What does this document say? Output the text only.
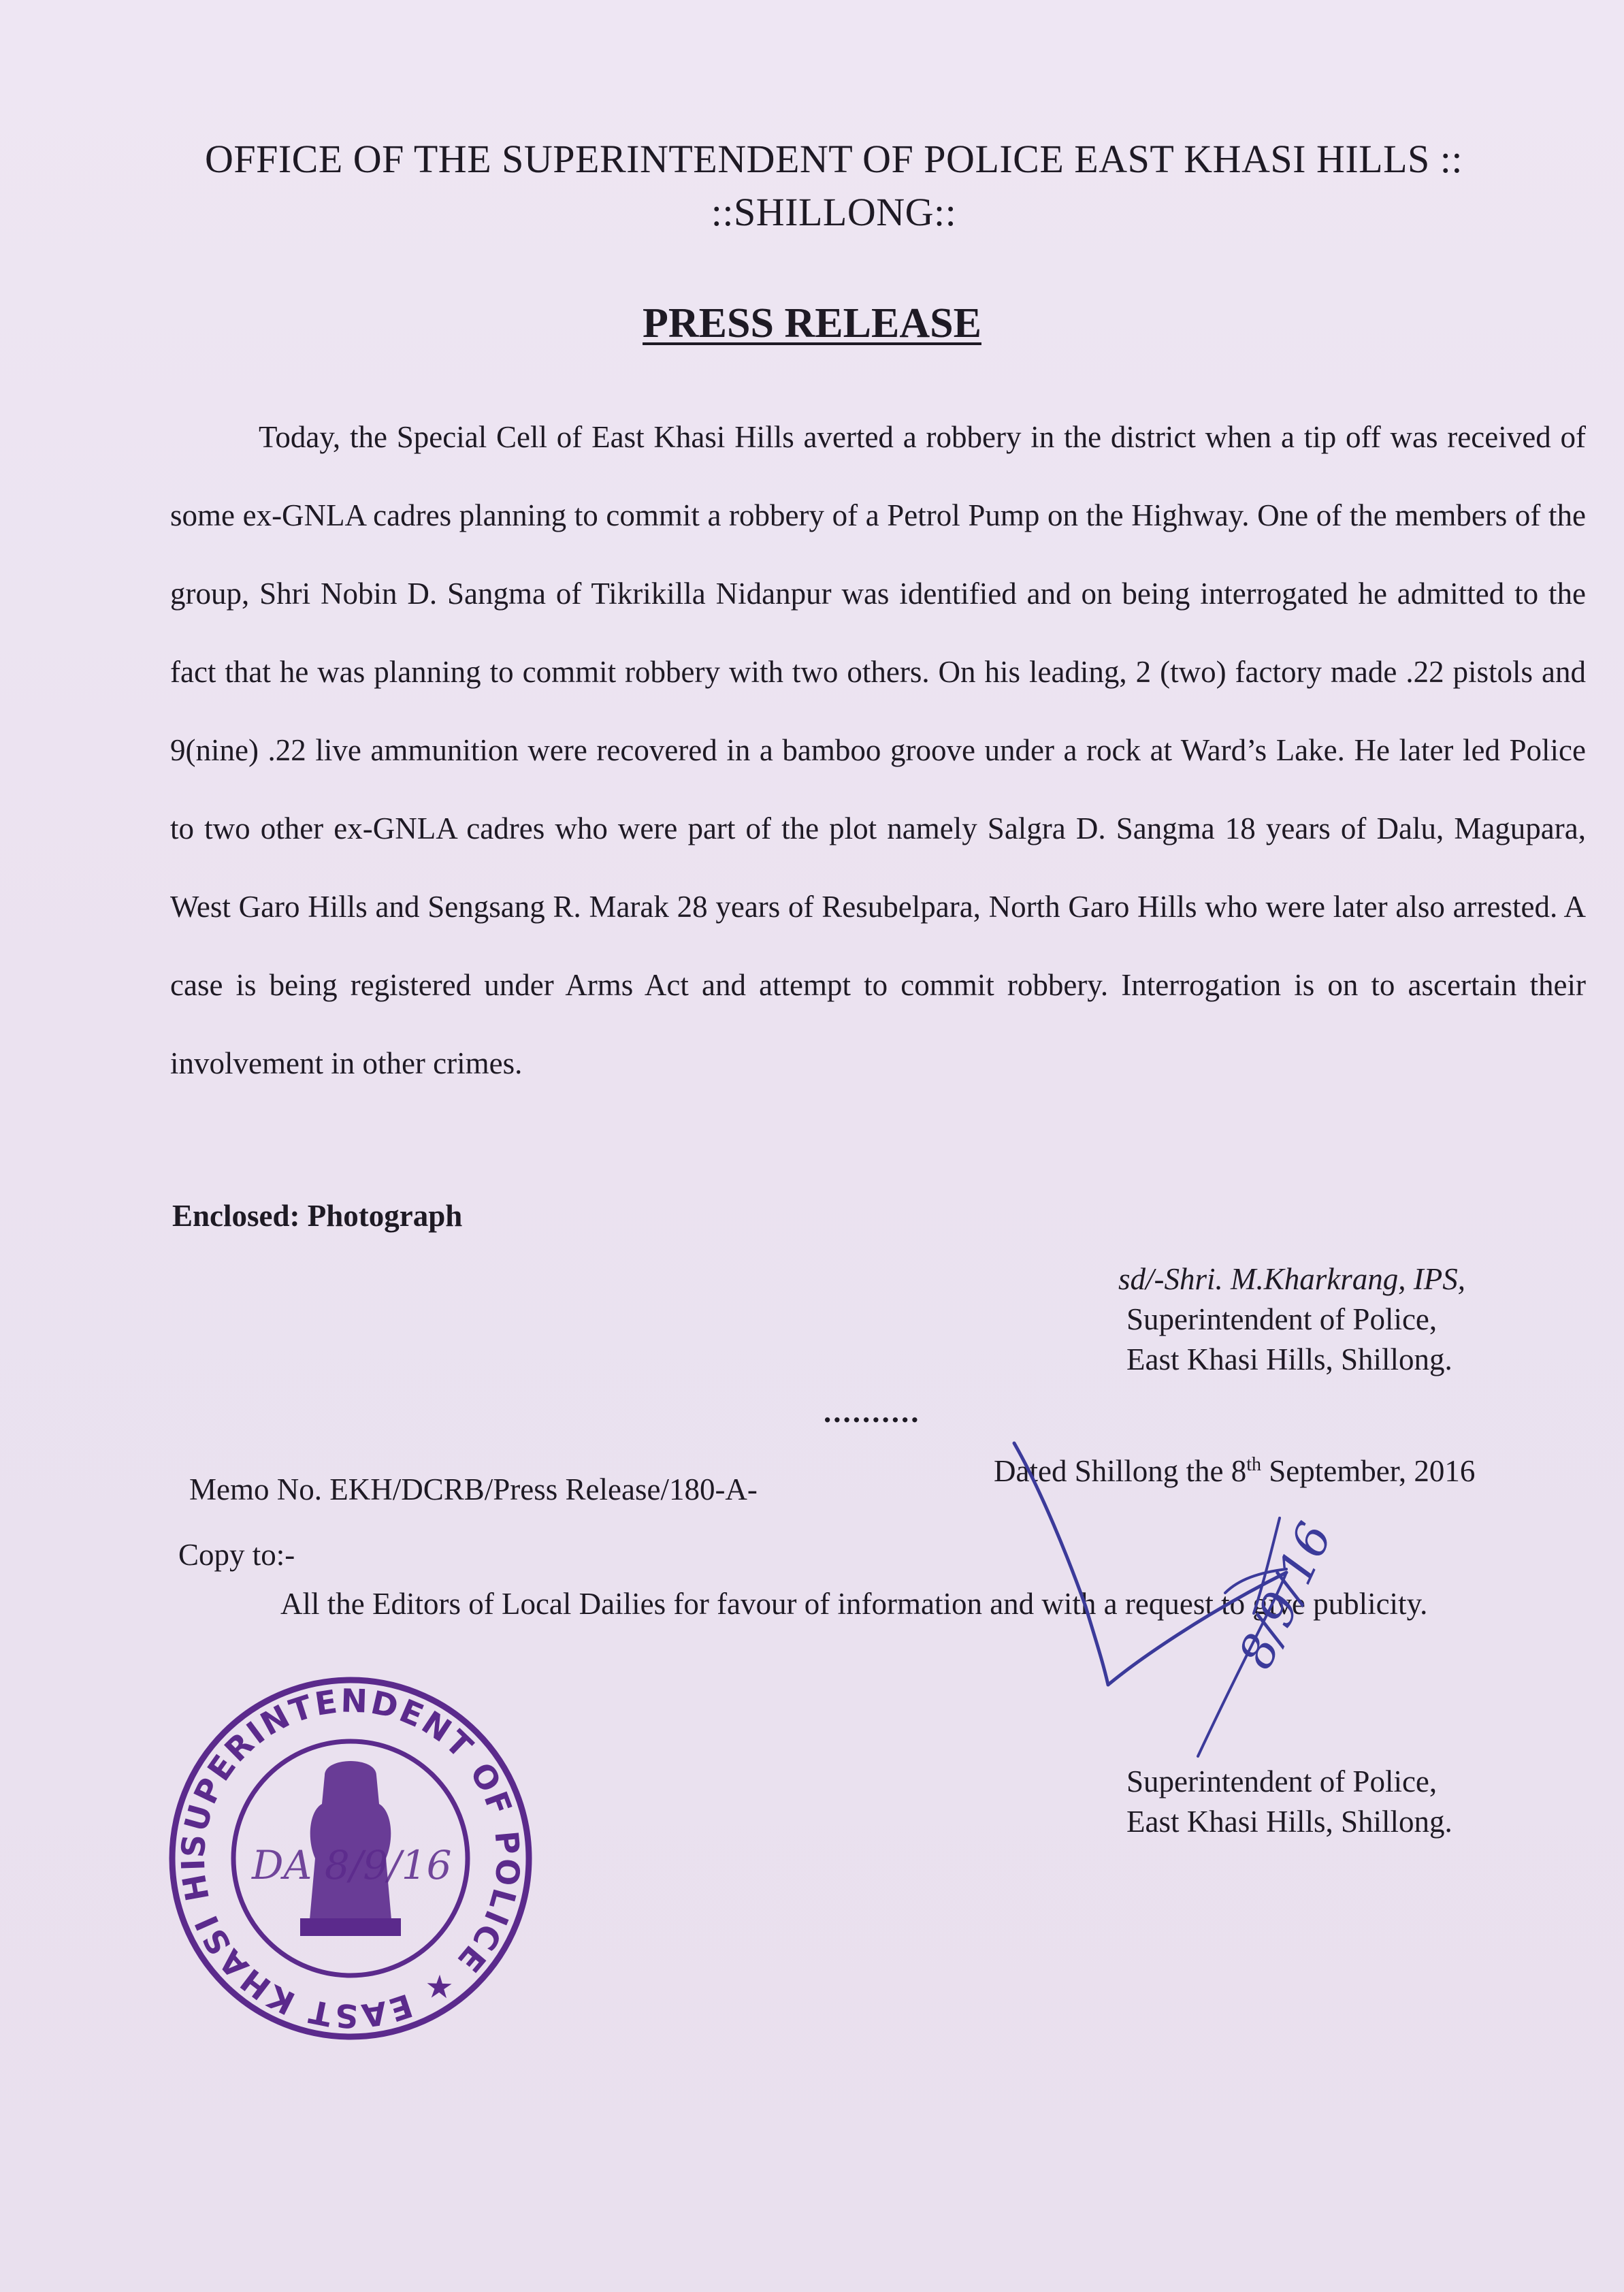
OFFICE OF THE SUPERINTENDENT OF POLICE EAST KHASI HILLS ::
::SHILLONG::
PRESS RELEASE
Today, the Special Cell of East Khasi Hills averted a robbery in the district when a tip off was received of some ex-GNLA cadres planning to commit a robbery of a Petrol Pump on the Highway. One of the members of the group, Shri Nobin D. Sangma of Tikrikilla Nidanpur was identified and on being interrogated he admitted to the fact that he was planning to commit robbery with two others. On his leading, 2 (two) factory made .22 pistols and 9(nine) .22 live ammunition were recovered in a bamboo groove under a rock at Ward’s Lake. He later led Police to two other ex-GNLA cadres who were part of the plot namely Salgra D. Sangma 18 years of Dalu, Magupara, West Garo Hills and Sengsang R. Marak 28 years of Resubelpara, North Garo Hills who were later also arrested. A case is being registered under Arms Act and attempt to commit robbery. Interrogation is on to ascertain their involvement in other crimes.
Enclosed: Photograph
sd/-Shri. M.Kharkrang, IPS,
Superintendent of Police,
East Khasi Hills, Shillong.
..........
Memo No. EKH/DCRB/Press Release/180-A-
Dated Shillong the 8th September, 2016
Copy to:-
All the Editors of Local Dailies for favour of information and with a request to give publicity.
Superintendent of Police,
East Khasi Hills, Shillong.
8/9/16
SUPERINTENDENT OF POLICE ★ EAST KHASI HI DA 8/9/16
